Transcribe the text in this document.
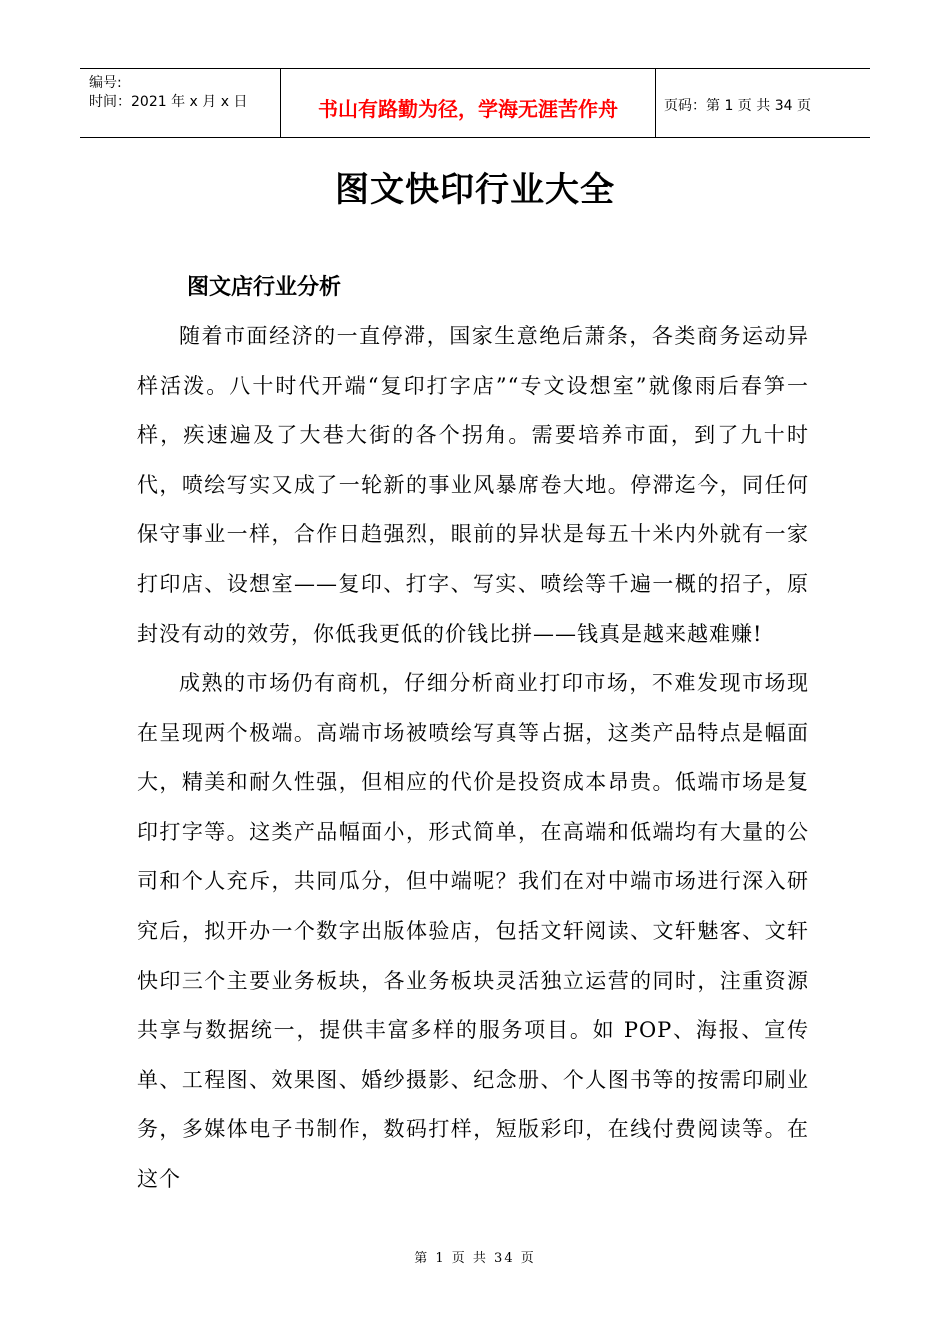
编号:
时间：2021 年 x 月 x 日	书山有路勤为径，学海无涯苦作舟	页码：第 1 页 共 34 页
图文快印行业大全
图文店行业分析

随着市面经济的一直停滞，国家生意绝后萧条，各类商务运动异样活泼。八十时代开端“复印打字店”“专文设想室”就像雨后春笋一样，疾速遍及了大巷大街的各个拐角。需要培养市面，到了九十时代，喷绘写实又成了一轮新的事业风暴席卷大地。停滞迄今，同任何保守事业一样，合作日趋强烈，眼前的异状是每五十米内外就有一家打印店、设想室——复印、打字、写实、喷绘等千遍一概的招子，原封没有动的效劳，你低我更低的价钱比拼——钱真是越来越难赚!

成熟的市场仍有商机，仔细分析商业打印市场，不难发现市场现在呈现两个极端。高端市场被喷绘写真等占据，这类产品特点是幅面大，精美和耐久性强，但相应的代价是投资成本昂贵。低端市场是复印打字等。这类产品幅面小，形式简单，在高端和低端均有大量的公司和个人充斥，共同瓜分，但中端呢？我们在对中端市场进行深入研究后，拟开办一个数字出版体验店，包括文轩阅读、文轩魅客、文轩快印三个主要业务板块，各业务板块灵活独立运营的同时，注重资源共享与数据统一，提供丰富多样的服务项目。如 POP、海报、宣传单、工程图、效果图、婚纱摄影、纪念册、个人图书等的按需印刷业务，多媒体电子书制作，数码打样，短版彩印，在线付费阅读等。在这个

第 1 页 共 34 页
